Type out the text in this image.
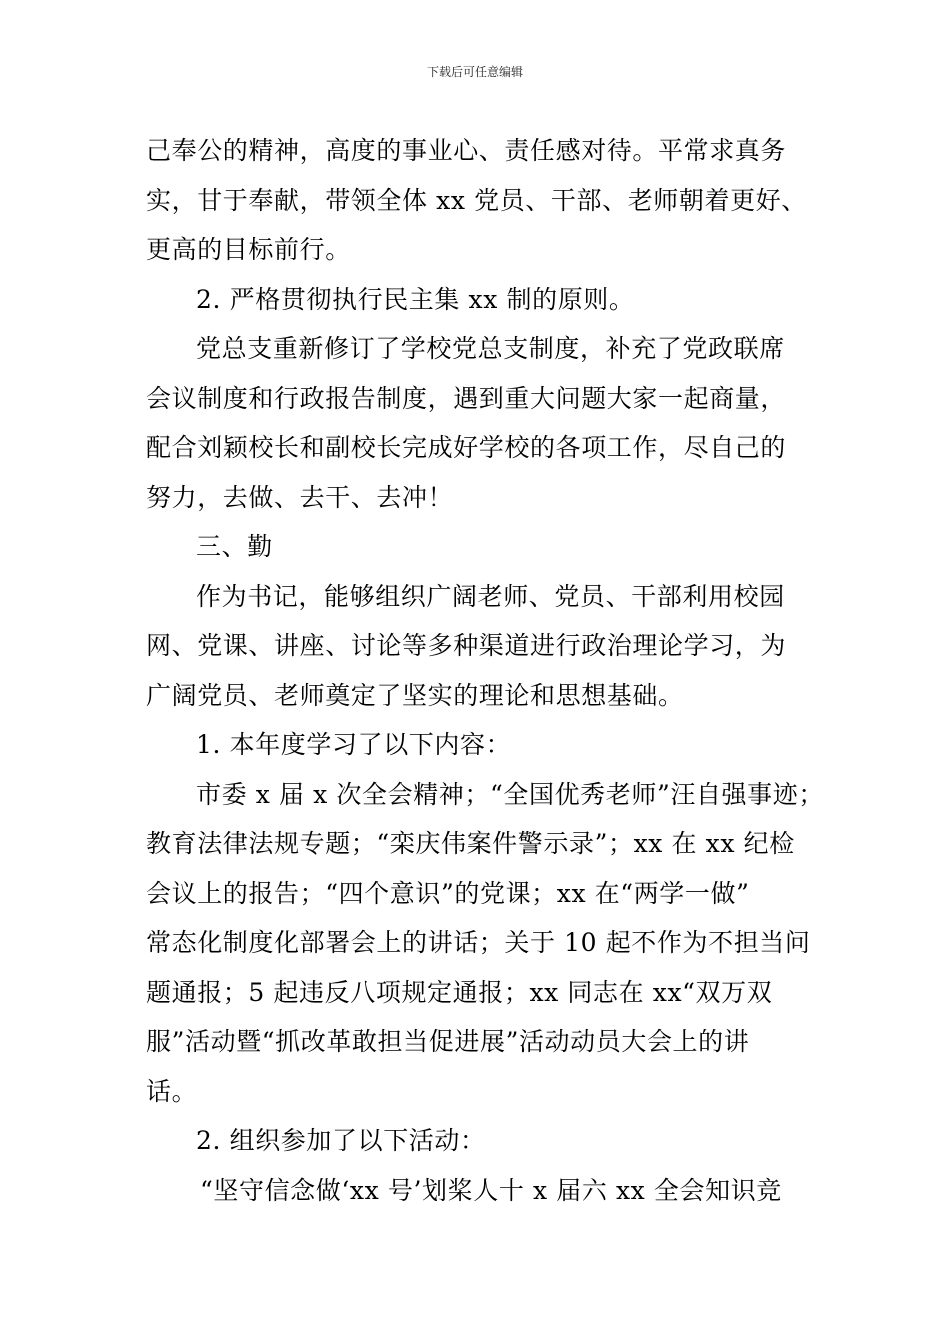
下载后可任意编辑
己奉公的精神，高度的事业心、责任感对待。平常求真务
实，甘于奉献，带领全体 xx 党员、干部、老师朝着更好、
更高的目标前行。
2. 严格贯彻执行民主集 xx 制的原则。
党总支重新修订了学校党总支制度，补充了党政联席
会议制度和行政报告制度，遇到重大问题大家一起商量，
配合刘颖校长和副校长完成好学校的各项工作，尽自己的
努力，去做、去干、去冲！
三、勤
作为书记，能够组织广阔老师、党员、干部利用校园
网、党课、讲座、讨论等多种渠道进行政治理论学习，为
广阔党员、老师奠定了坚实的理论和思想基础。
1. 本年度学习了以下内容：
市委 x 届 x 次全会精神；“全国优秀老师”汪自强事迹；
教育法律法规专题；“栾庆伟案件警示录”；xx 在 xx 纪检
会议上的报告；“四个意识”的党课；xx 在“两学一做”
常态化制度化部署会上的讲话；关于 10 起不作为不担当问
题通报；5 起违反八项规定通报；xx 同志在 xx“双万双
服”活动暨“抓改革敢担当促进展”活动动员大会上的讲
话。
2. 组织参加了以下活动：
“坚守信念做‘xx 号’划桨人十 x 届六 xx 全会知识竞
